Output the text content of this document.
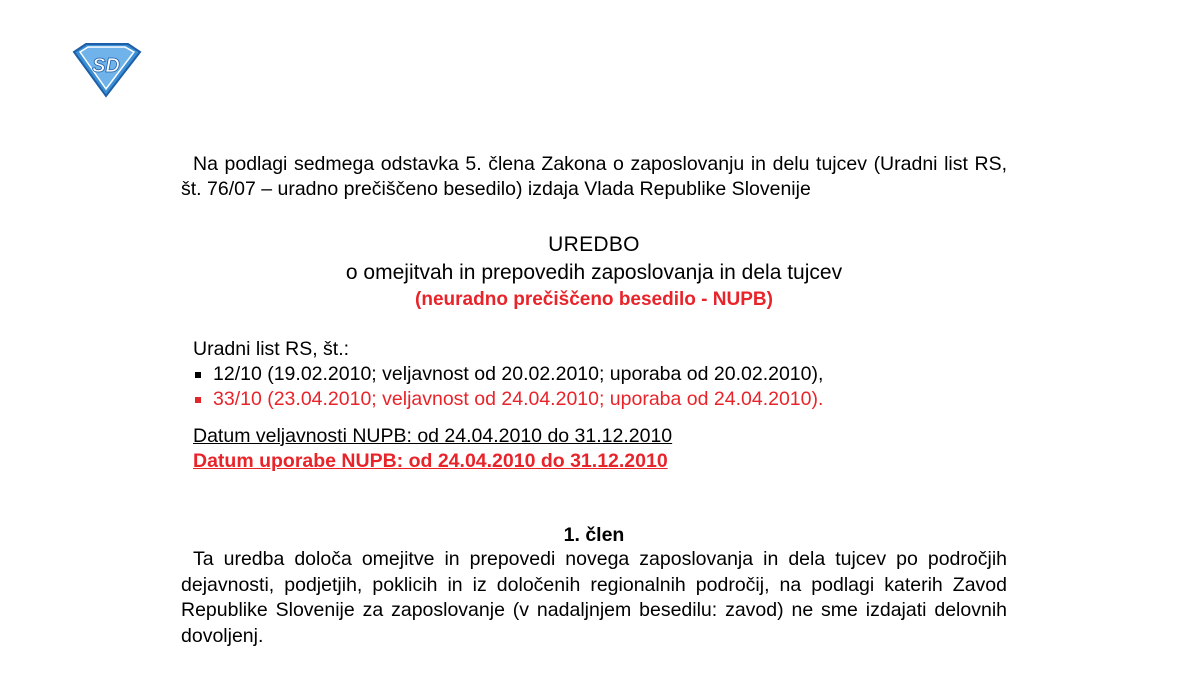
SD

Na podlagi sedmega odstavka 5. člena Zakona o zaposlovanju in delu tujcev (Uradni list RS, št. 76/07 – uradno prečiščeno besedilo) izdaja Vlada Republike Slovenije

UREDBO
o omejitvah in prepovedih zaposlovanja in dela tujcev
(neuradno prečiščeno besedilo - NUPB)
Uradni list RS, št.:
12/10 (19.02.2010; veljavnost od 20.02.2010; uporaba od 20.02.2010),
33/10 (23.04.2010; veljavnost od 24.04.2010; uporaba od 24.04.2010).
Datum veljavnosti NUPB: od 24.04.2010 do 31.12.2010
Datum uporabe NUPB: od 24.04.2010 do 31.12.2010
1. člen

Ta uredba določa omejitve in prepovedi novega zaposlovanja in dela tujcev po področjih dejavnosti, podjetjih, poklicih in iz določenih regionalnih področij, na podlagi katerih Zavod Republike Slovenije za zaposlovanje (v nadaljnjem besedilu: zavod) ne sme izdajati delovnih dovoljenj.
